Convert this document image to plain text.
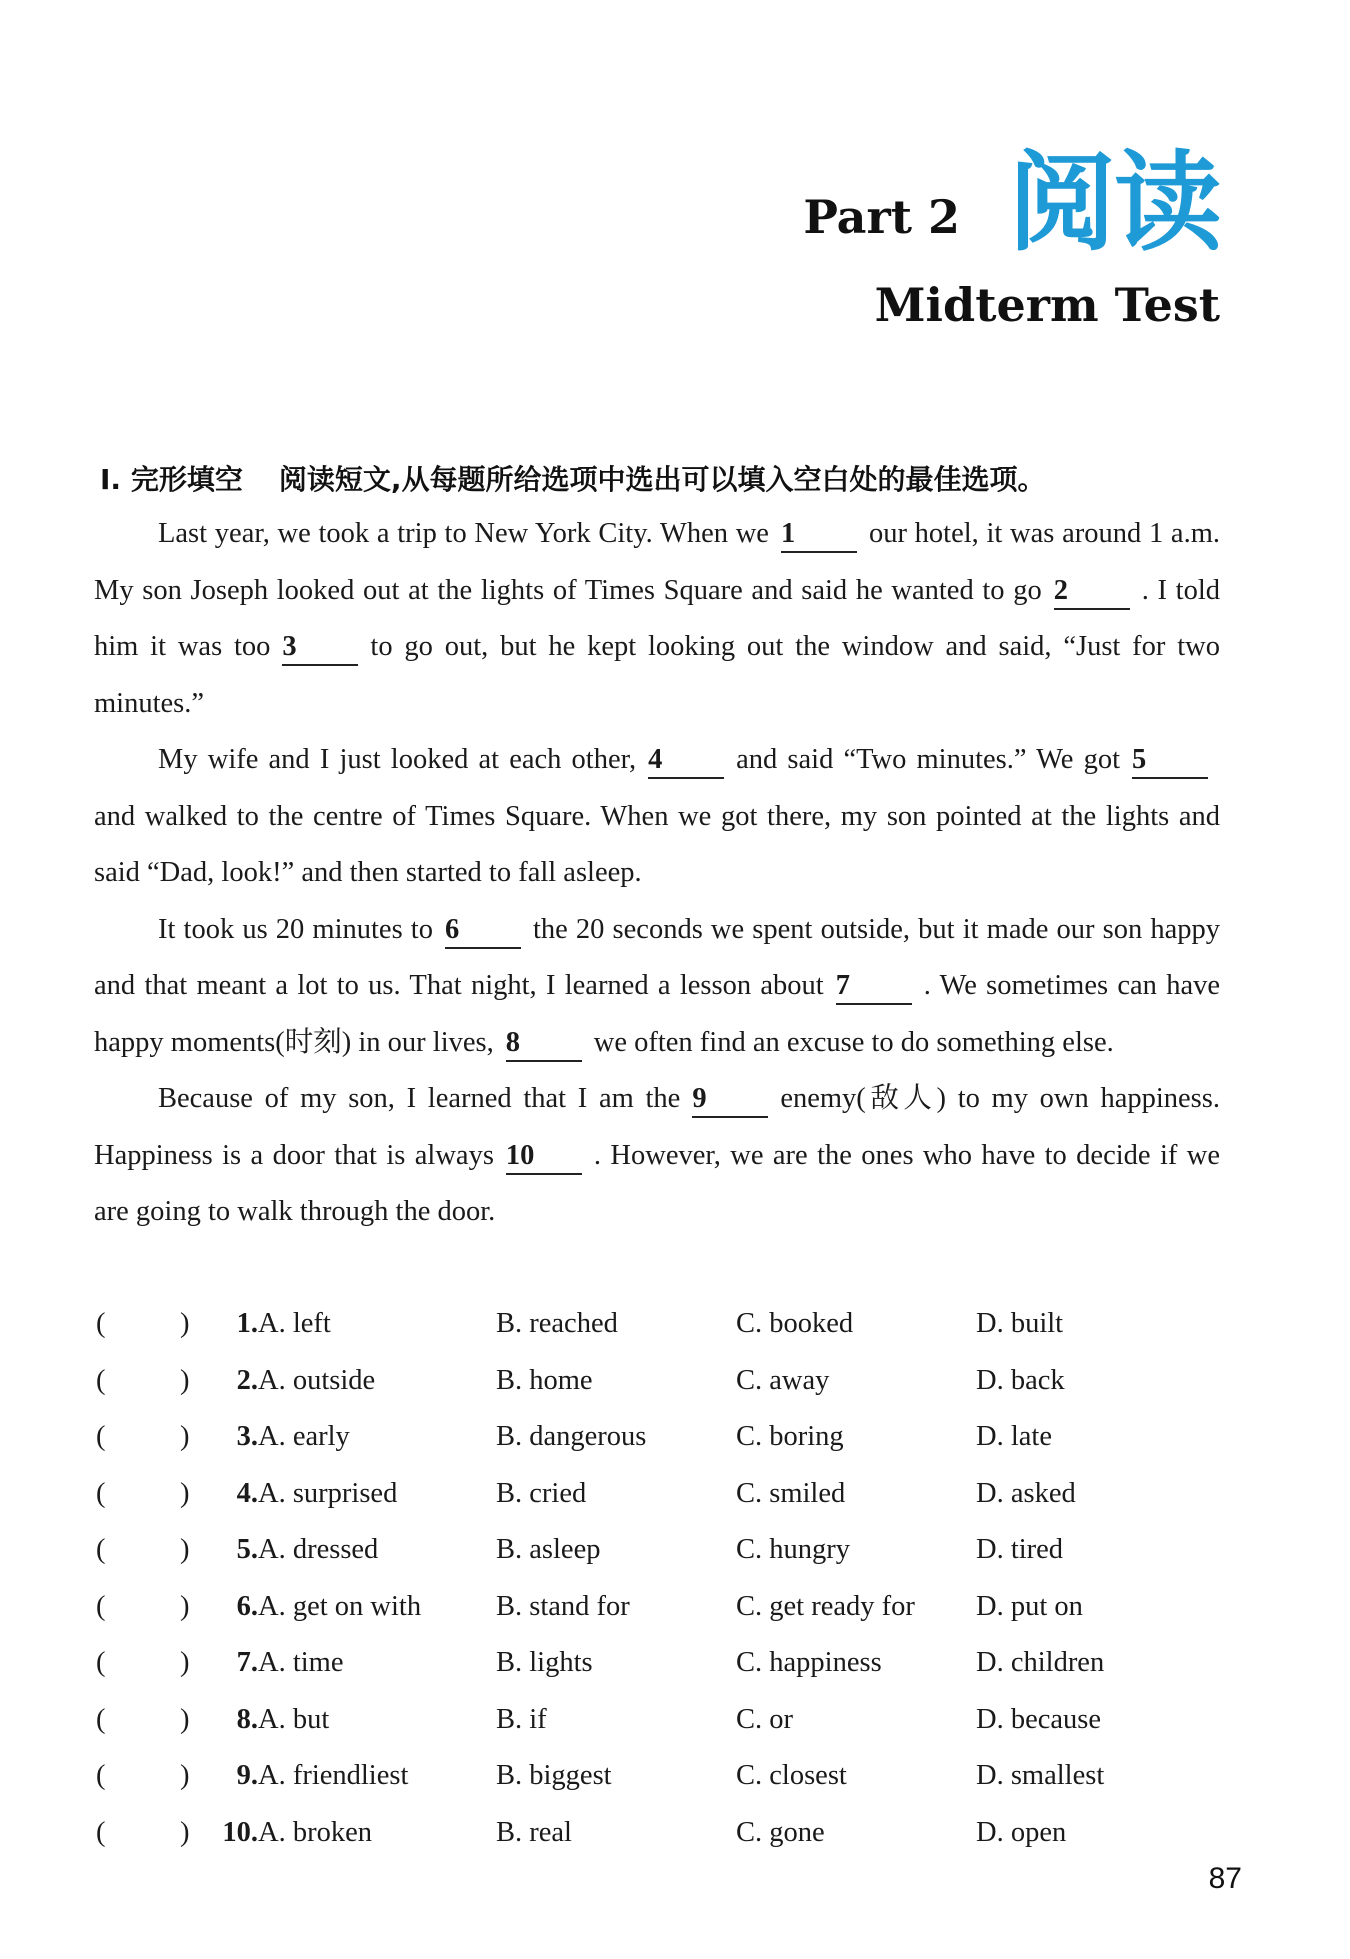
Part 2 阅读
Midterm Test
Ⅰ. 完形填空 阅读短文,从每题所给选项中选出可以填入空白处的最佳选项。

Last year, we took a trip to New York City. When we 1	our hotel, it was around 1 a.m. My son Joseph looked out at the lights of Times Square and said he wanted to go 2	. I told him it was too 3	to go out, but he kept looking out the window and said, “Just for two minutes.”

My wife and I just looked at each other, 4	and said “Two minutes.” We got 5and walked to the centre of Times Square. When we got there, my son pointed at the lights and said “Dad, look!” and then started to fall asleep.

It took us 20 minutes to 6	the 20 seconds we spent outside, but it made our son happy and that meant a lot to us. That night, I learned a lesson about 7	. We sometimes can have happy moments(时刻) in our lives, 8	we often find an excuse to do something else.

Because of my son, I learned that I am the 9	enemy(敌人) to my own happiness. Happiness is a door that is always 10 . However, we are the ones who have to decide if we are going to walk through the door.

(	)	1. A. left	B. reached	C. booked	D. built
(	)	2. A. outside	B. home	C. away	D. back
(	)	3. A. early	B. dangerous	C. boring	D. late
(	)	4. A. surprised	B. cried	C. smiled	D. asked
(	)	5. A. dressed	B. asleep	C. hungry	D. tired
(	)	6. A. get on with	B. stand for	C. get ready for D. put on
(	)	7. A. time	B. lights	C. happiness	D. children
(	)	8. A. but	B. if	C. or	D. because
(	)	9. A. friendliest	B. biggest	C. closest	D. smallest
(	)	10. A. broken	B. real	C. gone	D. open
87
